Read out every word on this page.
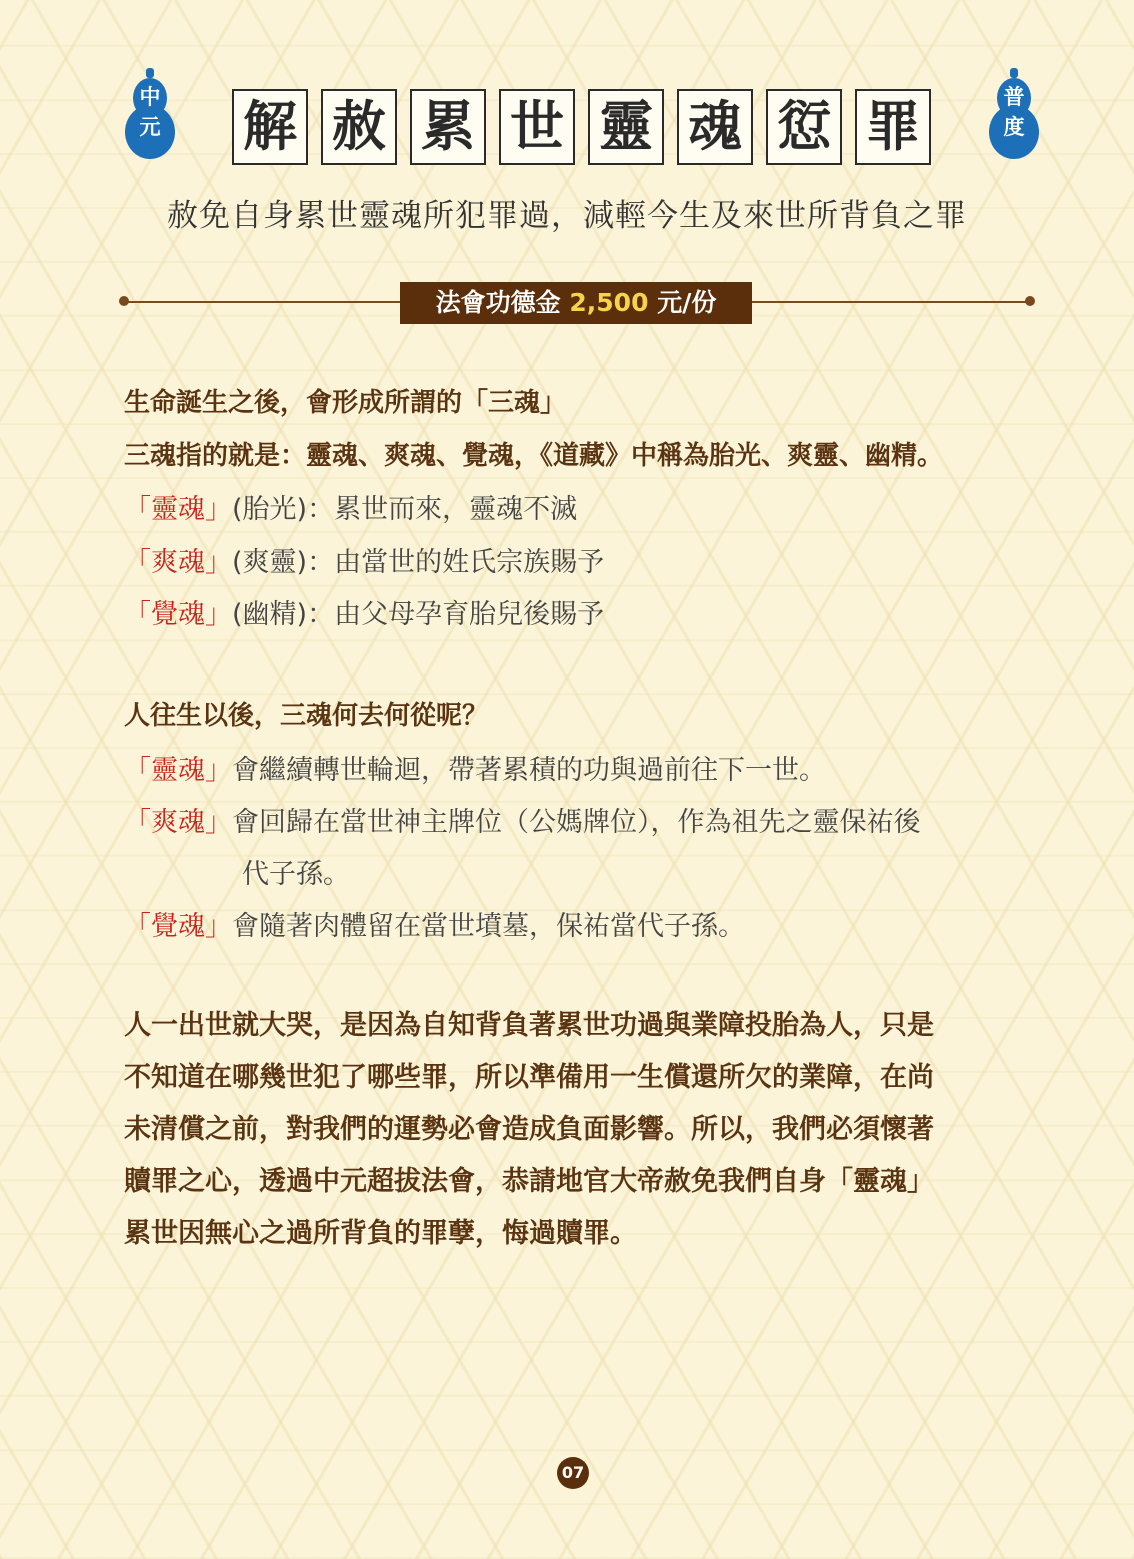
中
元
普
度
解 赦 累 世 靈 魂 愆 罪
赦免自身累世靈魂所犯罪過，減輕今生及來世所背負之罪
法會功德金 2,500 元/份
生命誕生之後，會形成所謂的「三魂」
三魂指的就是：靈魂、爽魂、覺魂，《道藏》中稱為胎光、爽靈、幽精。
「靈魂」(胎光)：累世而來，靈魂不滅
「爽魂」(爽靈)：由當世的姓氏宗族賜予
「覺魂」(幽精)：由父母孕育胎兒後賜予
人往生以後，三魂何去何從呢？
「靈魂」會繼續轉世輪迴，帶著累積的功與過前往下一世。
「爽魂」會回歸在當世神主牌位（公媽牌位），作為祖先之靈保祐後
代子孫。
「覺魂」會隨著肉體留在當世墳墓，保祐當代子孫。
人一出世就大哭，是因為自知背負著累世功過與業障投胎為人，只是
不知道在哪幾世犯了哪些罪，所以準備用一生償還所欠的業障，在尚
未清償之前，對我們的運勢必會造成負面影響。所以，我們必須懷著
贖罪之心，透過中元超拔法會，恭請地官大帝赦免我們自身「靈魂」
累世因無心之過所背負的罪孽，悔過贖罪。
07
